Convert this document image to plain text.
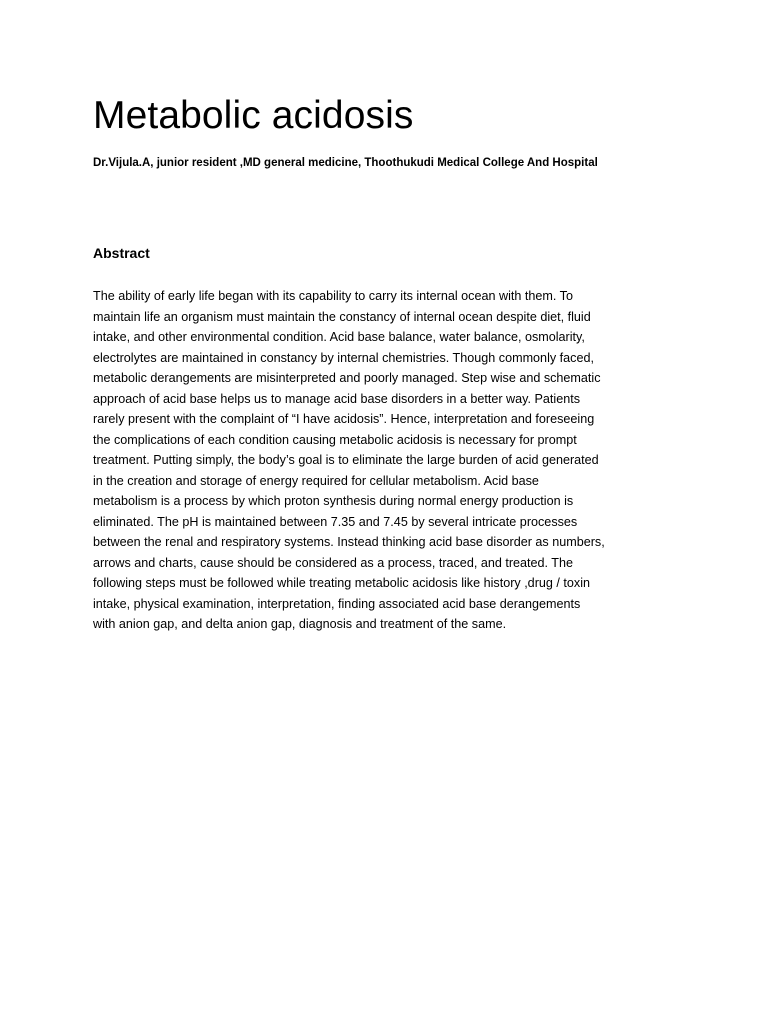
Metabolic acidosis

Dr.Vijula.A, junior resident ,MD general medicine, Thoothukudi Medical College And Hospital

Abstract
The ability of early life began with its capability to carry its internal ocean with them. To
maintain life an organism must maintain the constancy of internal ocean despite diet, fluid
intake, and other environmental condition. Acid base balance, water balance, osmolarity,
electrolytes are maintained in constancy by internal chemistries. Though commonly faced,
metabolic derangements are misinterpreted and poorly managed. Step wise and schematic
approach of acid base helps us to manage acid base disorders in a better way. Patients
rarely present with the complaint of “I have acidosis”. Hence, interpretation and foreseeing
the complications of each condition causing metabolic acidosis is necessary for prompt
treatment. Putting simply, the body’s goal is to eliminate the large burden of acid generated
in the creation and storage of energy required for cellular metabolism. Acid base
metabolism is a process by which proton synthesis during normal energy production is
eliminated. The pH is maintained between 7.35 and 7.45 by several intricate processes
between the renal and respiratory systems. Instead thinking acid base disorder as numbers,
arrows and charts, cause should be considered as a process, traced, and treated. The
following steps must be followed while treating metabolic acidosis like history ,drug / toxin
intake, physical examination, interpretation, finding associated acid base derangements
with anion gap, and delta anion gap, diagnosis and treatment of the same.
